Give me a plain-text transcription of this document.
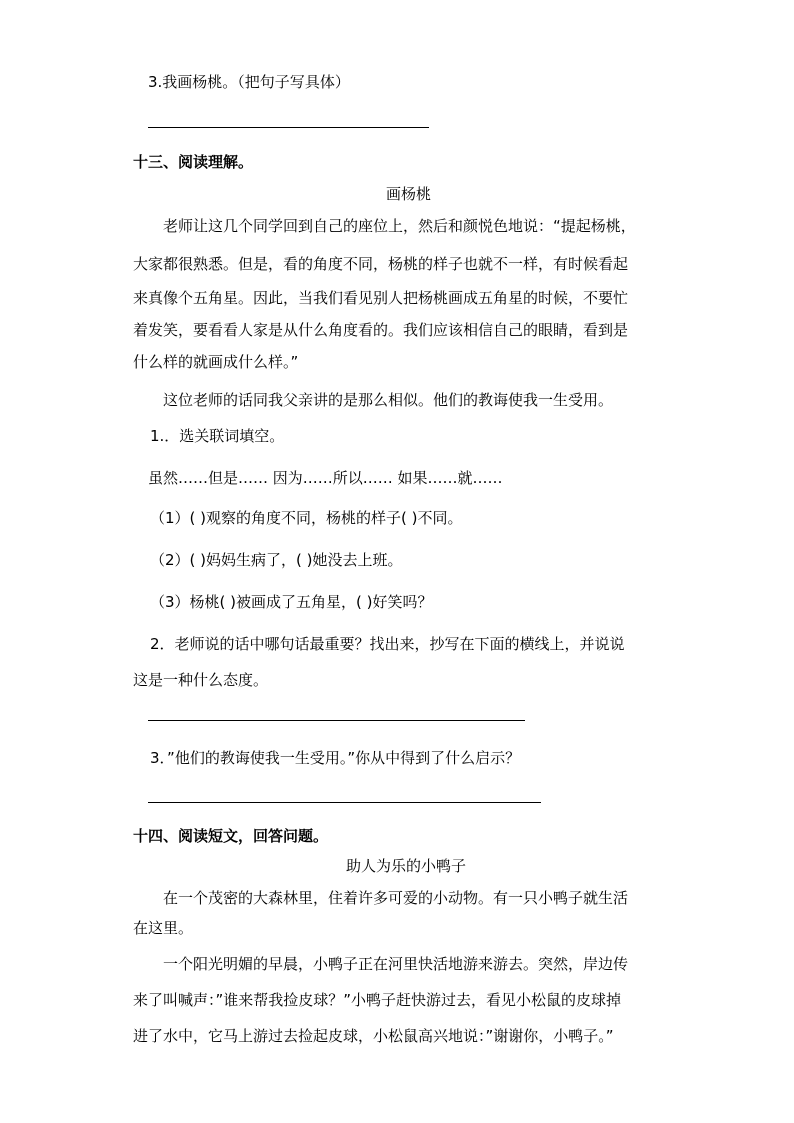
3.我画杨桃。（把句子写具体）
十三、阅读理解。
画杨桃
老师让这几个同学回到自己的座位上，然后和颜悦色地说：“提起杨桃，
大家都很熟悉。但是，看的角度不同，杨桃的样子也就不一样，有时候看起
来真像个五角星。因此，当我们看见别人把杨桃画成五角星的时候，不要忙
着发笑，要看看人家是从什么角度看的。我们应该相信自己的眼睛，看到是
什么样的就画成什么样。”
这位老师的话同我父亲讲的是那么相似。他们的教诲使我一生受用。
1.．选关联词填空。
虽然……但是…… 因为……所以…… 如果……就……
（1）( )观察的角度不同，杨桃的样子( )不同。
（2）( )妈妈生病了，( )她没去上班。
（3）杨桃( )被画成了五角星，( )好笑吗？
2．老师说的话中哪句话最重要？找出来，抄写在下面的横线上，并说说
这是一种什么态度。
3．”他们的教诲使我一生受用。”你从中得到了什么启示？
十四、阅读短文，回答问题。
助人为乐的小鸭子
在一个茂密的大森林里，住着许多可爱的小动物。有一只小鸭子就生活
在这里。
一个阳光明媚的早晨，小鸭子正在河里快活地游来游去。突然，岸边传
来了叫喊声：”谁来帮我捡皮球？”小鸭子赶快游过去，看见小松鼠的皮球掉
进了水中，它马上游过去捡起皮球，小松鼠高兴地说：”谢谢你，小鸭子。”
